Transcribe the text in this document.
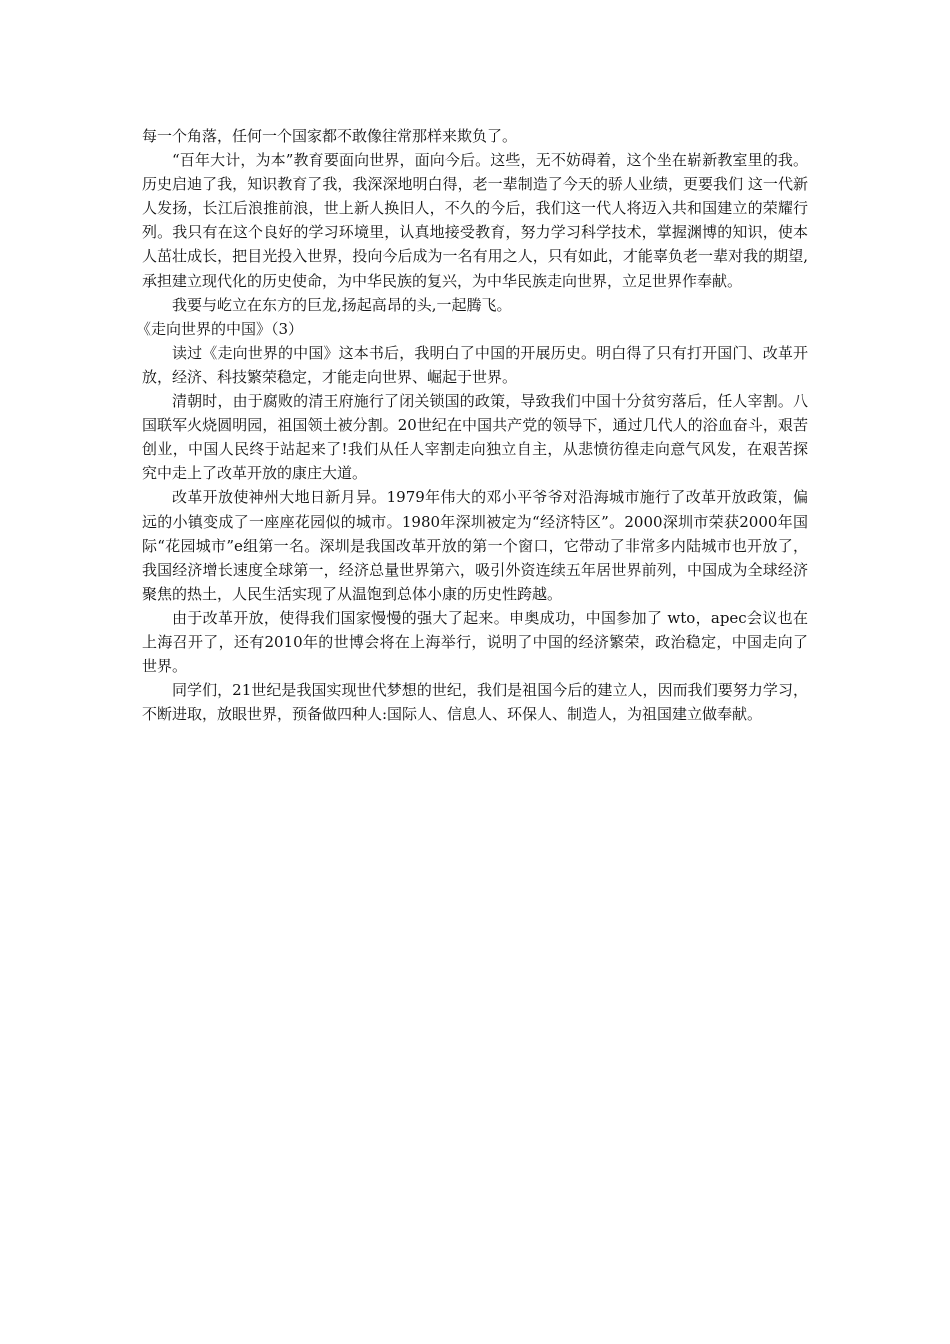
每一个角落，任何一个国家都不敢像往常那样来欺负了。

“百年大计，为本”教育要面向世界，面向今后。这些，无不妨碍着，这个坐在崭新教室里的我。历史启迪了我，知识教育了我，我深深地明白得，老一辈制造了今天的骄人业绩，更要我们 这一代新人发扬，长江后浪推前浪，世上新人换旧人，不久的今后，我们这一代人将迈入共和国建立的荣耀行列。我只有在这个良好的学习环境里，认真地接受教育，努力学习科学技术，掌握渊博的知识，使本人茁壮成长，把目光投入世界，投向今后成为一名有用之人，只有如此，才能辜负老一辈对我的期望,承担建立现代化的历史使命，为中华民族的复兴，为中华民族走向世界，立足世界作奉献。

我要与屹立在东方的巨龙,扬起高昂的头,一起腾飞。

《走向世界的中国》（3）

读过《走向世界的中国》这本书后，我明白了中国的开展历史。明白得了只有打开国门、改革开放，经济、科技繁荣稳定，才能走向世界、崛起于世界。

清朝时，由于腐败的清王府施行了闭关锁国的政策，导致我们中国十分贫穷落后，任人宰割。八国联军火烧圆明园，祖国领土被分割。20世纪在中国共产党的领导下，通过几代人的浴血奋斗，艰苦创业，中国人民终于站起来了!我们从任人宰割走向独立自主，从悲愤彷徨走向意气风发，在艰苦探究中走上了改革开放的康庄大道。

改革开放使神州大地日新月异。1979年伟大的邓小平爷爷对沿海城市施行了改革开放政策，偏远的小镇变成了一座座花园似的城市。1980年深圳被定为“经济特区”。2000深圳市荣获2000年国际“花园城市”e组第一名。深圳是我国改革开放的第一个窗口，它带动了非常多内陆城市也开放了，我国经济增长速度全球第一，经济总量世界第六，吸引外资连续五年居世界前列，中国成为全球经济聚焦的热土，人民生活实现了从温饱到总体小康的历史性跨越。

由于改革开放，使得我们国家慢慢的强大了起来。申奥成功，中国参加了 wto，apec会议也在上海召开了，还有2010年的世博会将在上海举行，说明了中国的经济繁荣，政治稳定，中国走向了世界。

同学们，21世纪是我国实现世代梦想的世纪，我们是祖国今后的建立人，因而我们要努力学习，不断进取，放眼世界，预备做四种人:国际人、信息人、环保人、制造人，为祖国建立做奉献。
